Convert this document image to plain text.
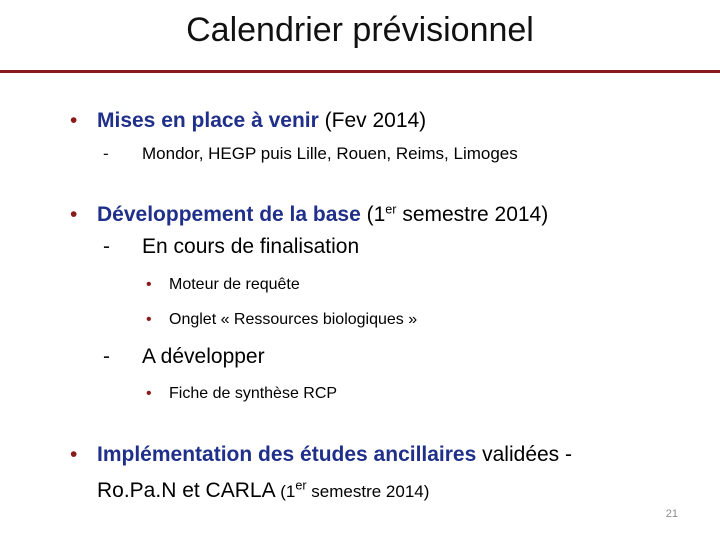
Calendrier prévisionnel
• Mises en place à venir (Fev 2014)
- Mondor, HEGP puis Lille, Rouen, Reims, Limoges
• Développement de la base (1er semestre 2014)
- En cours de finalisation
• Moteur de requête
• Onglet « Ressources biologiques »
- A développer
• Fiche de synthèse RCP
• Implémentation des études ancillaires validées -
Ro.Pa.N et CARLA (1er semestre 2014)
21
